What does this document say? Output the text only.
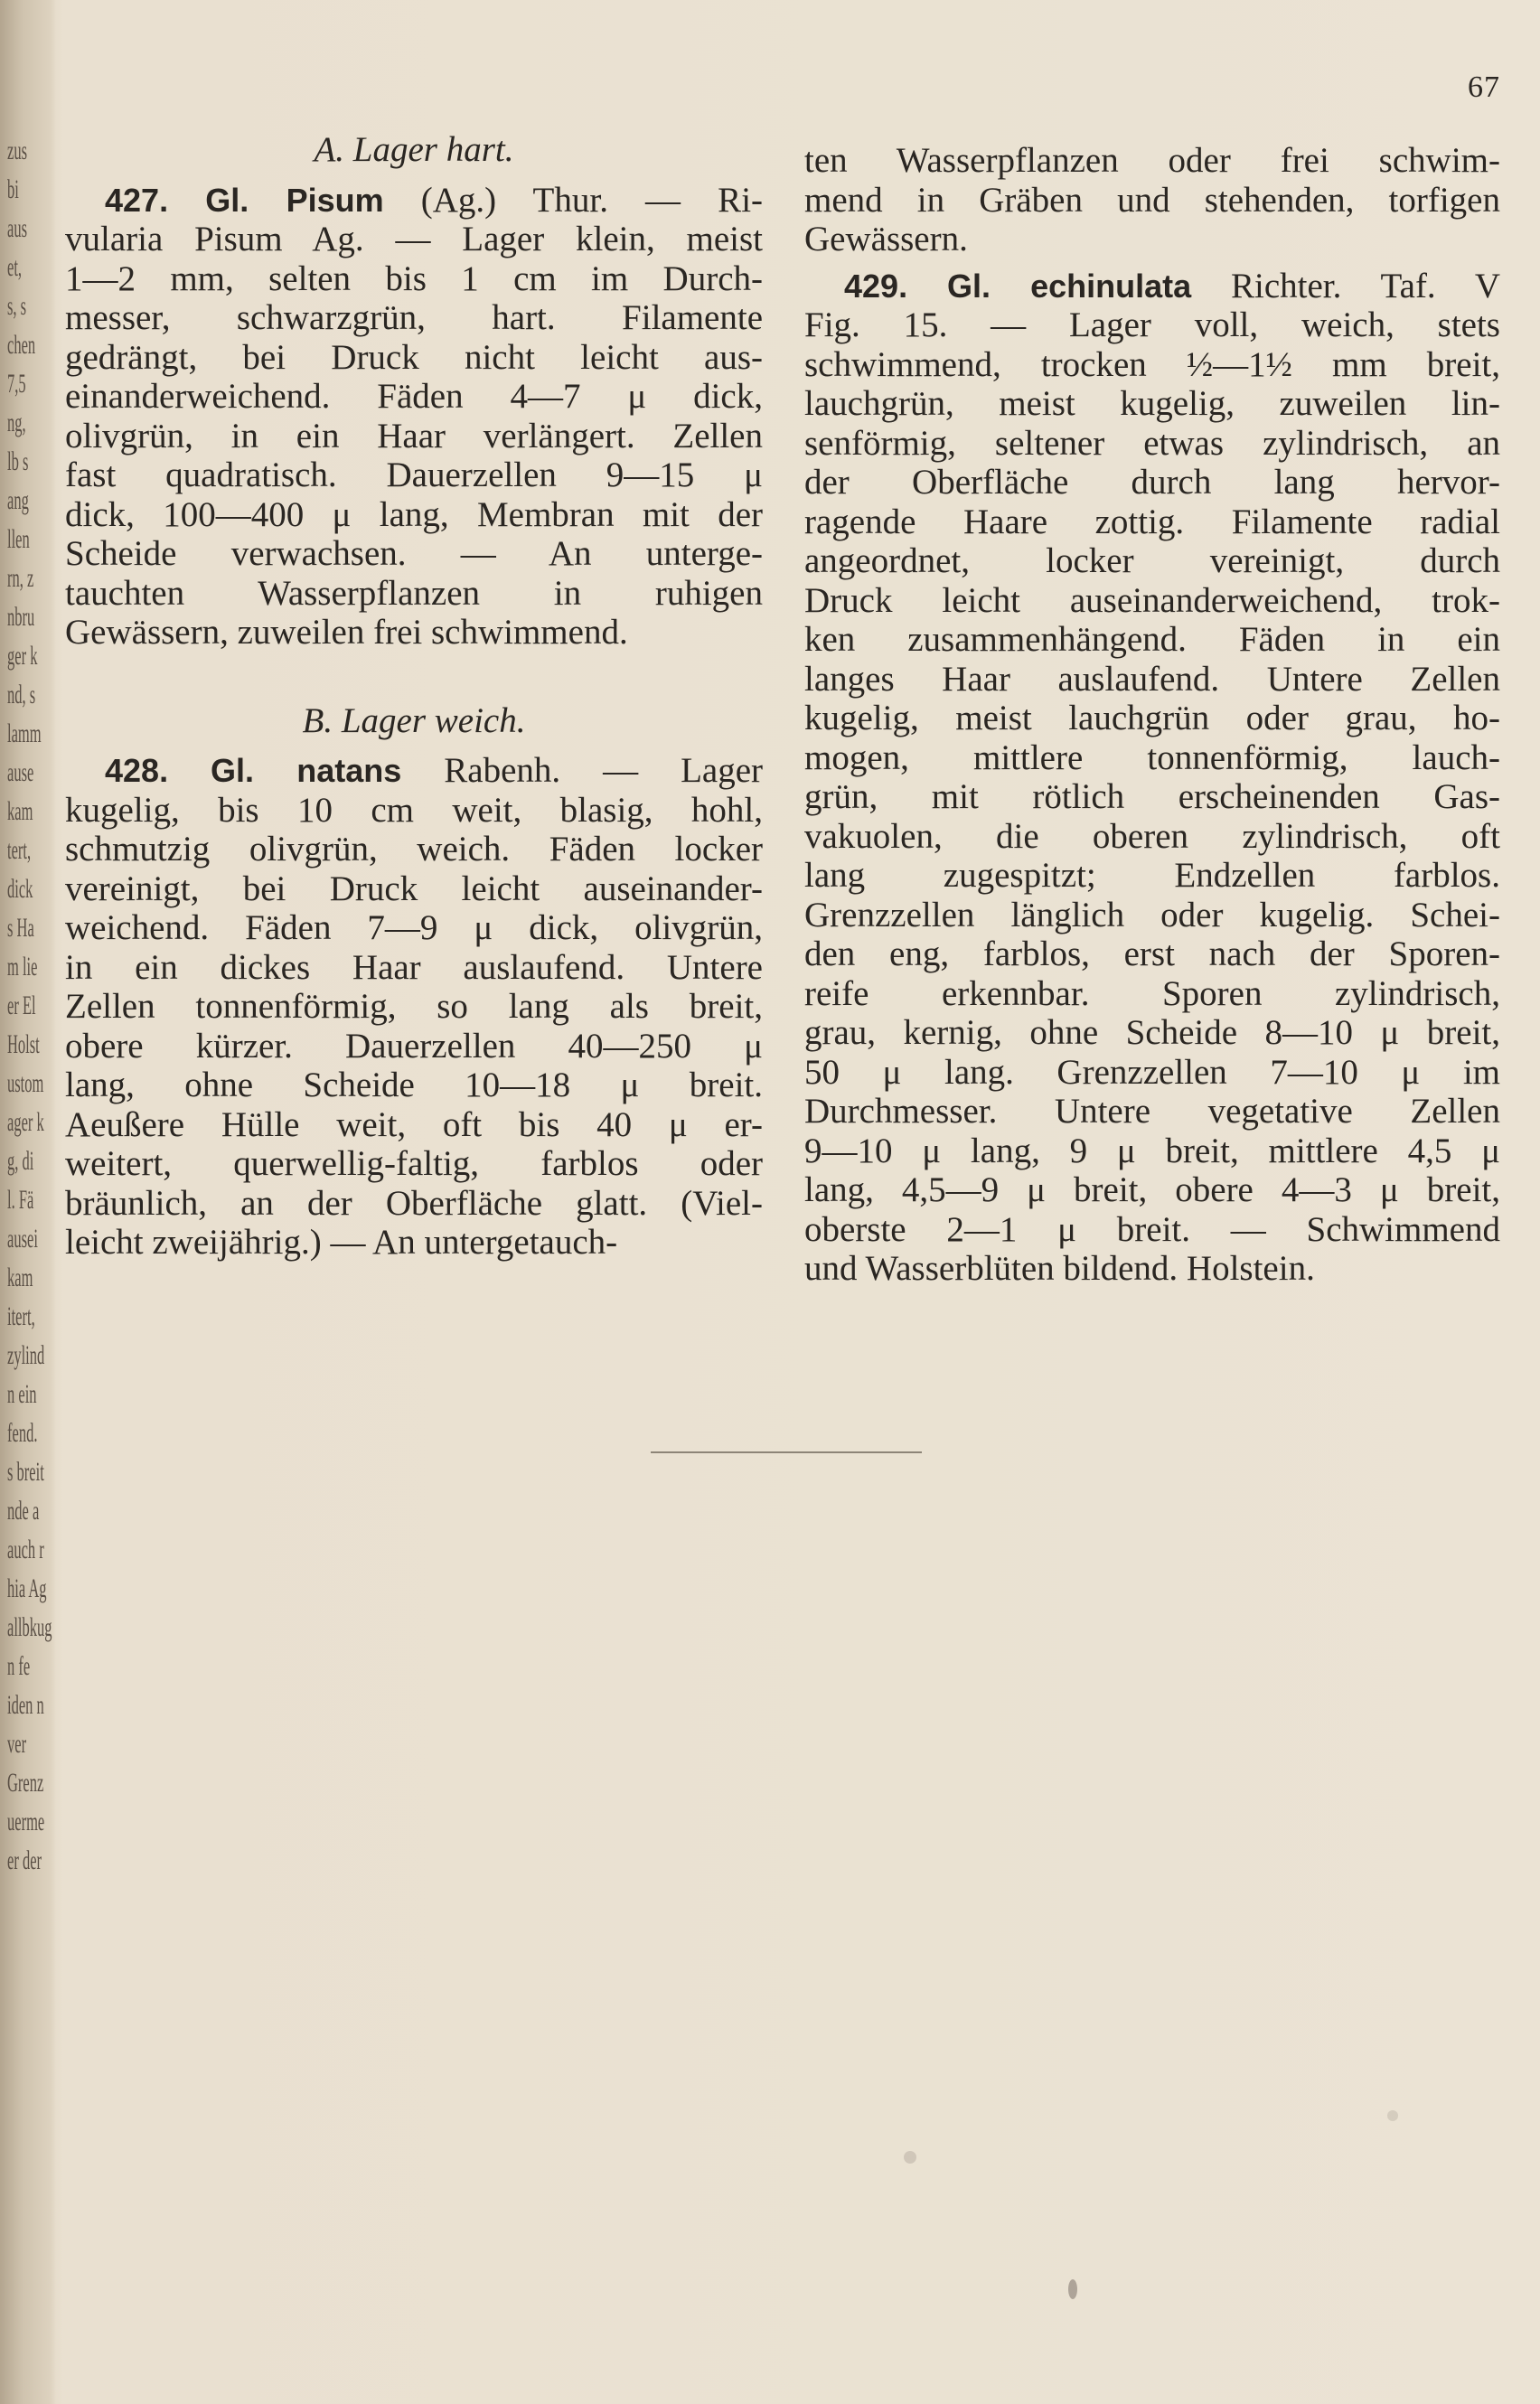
zus
bi
aus
et,
s, s
chen
7,5
ng,
lb s
ang
llen
rn, z
nbru
ger k
nd, s
lamm
ause
kam
tert,
dick
s Ha
m lie
er El
Holst
ustom
ager k
g, di
l. Fä
ausei
kam
itert,
zylind
n ein
fend.
s breit
nde a
auch r
hia Ag
allbkug
n fe
iden n
ver
Grenz
uerme
er der
67
A. Lager hart.
427. Gl. Pisum (Ag.) Thur. — Ri-
vularia Pisum Ag. — Lager klein, meist
1—2 mm, selten bis 1 cm im Durch-
messer, schwarzgrün, hart. Filamente
gedrängt, bei Druck nicht leicht aus-
einanderweichend. Fäden 4—7 μ dick,
olivgrün, in ein Haar verlängert. Zellen
fast quadratisch. Dauerzellen 9—15 μ
dick, 100—400 μ lang, Membran mit der
Scheide verwachsen. — An unterge-
tauchten Wasserpflanzen in ruhigen
Gewässern, zuweilen frei schwimmend.
B. Lager weich.
428. Gl. natans Rabenh. — Lager
kugelig, bis 10 cm weit, blasig, hohl,
schmutzig olivgrün, weich. Fäden locker
vereinigt, bei Druck leicht auseinander-
weichend. Fäden 7—9 μ dick, olivgrün,
in ein dickes Haar auslaufend. Untere
Zellen tonnenförmig, so lang als breit,
obere kürzer. Dauerzellen 40—250 μ
lang, ohne Scheide 10—18 μ breit.
Aeußere Hülle weit, oft bis 40 μ er-
weitert, querwellig-faltig, farblos oder
bräunlich, an der Oberfläche glatt. (Viel-
leicht zweijährig.) — An untergetauch-
ten Wasserpflanzen oder frei schwim-
mend in Gräben und stehenden, torfigen
Gewässern.
429. Gl. echinulata Richter. Taf. V
Fig. 15. — Lager voll, weich, stets
schwimmend, trocken ½—1½ mm breit,
lauchgrün, meist kugelig, zuweilen lin-
senförmig, seltener etwas zylindrisch, an
der Oberfläche durch lang hervor-
ragende Haare zottig. Filamente radial
angeordnet, locker vereinigt, durch
Druck leicht auseinanderweichend, trok-
ken zusammenhängend. Fäden in ein
langes Haar auslaufend. Untere Zellen
kugelig, meist lauchgrün oder grau, ho-
mogen, mittlere tonnenförmig, lauch-
grün, mit rötlich erscheinenden Gas-
vakuolen, die oberen zylindrisch, oft
lang zugespitzt; Endzellen farblos.
Grenzzellen länglich oder kugelig. Schei-
den eng, farblos, erst nach der Sporen-
reife erkennbar. Sporen zylindrisch,
grau, kernig, ohne Scheide 8—10 μ breit,
50 μ lang. Grenzzellen 7—10 μ im
Durchmesser. Untere vegetative Zellen
9—10 μ lang, 9 μ breit, mittlere 4,5 μ
lang, 4,5—9 μ breit, obere 4—3 μ breit,
oberste 2—1 μ breit. — Schwimmend
und Wasserblüten bildend. Holstein.
